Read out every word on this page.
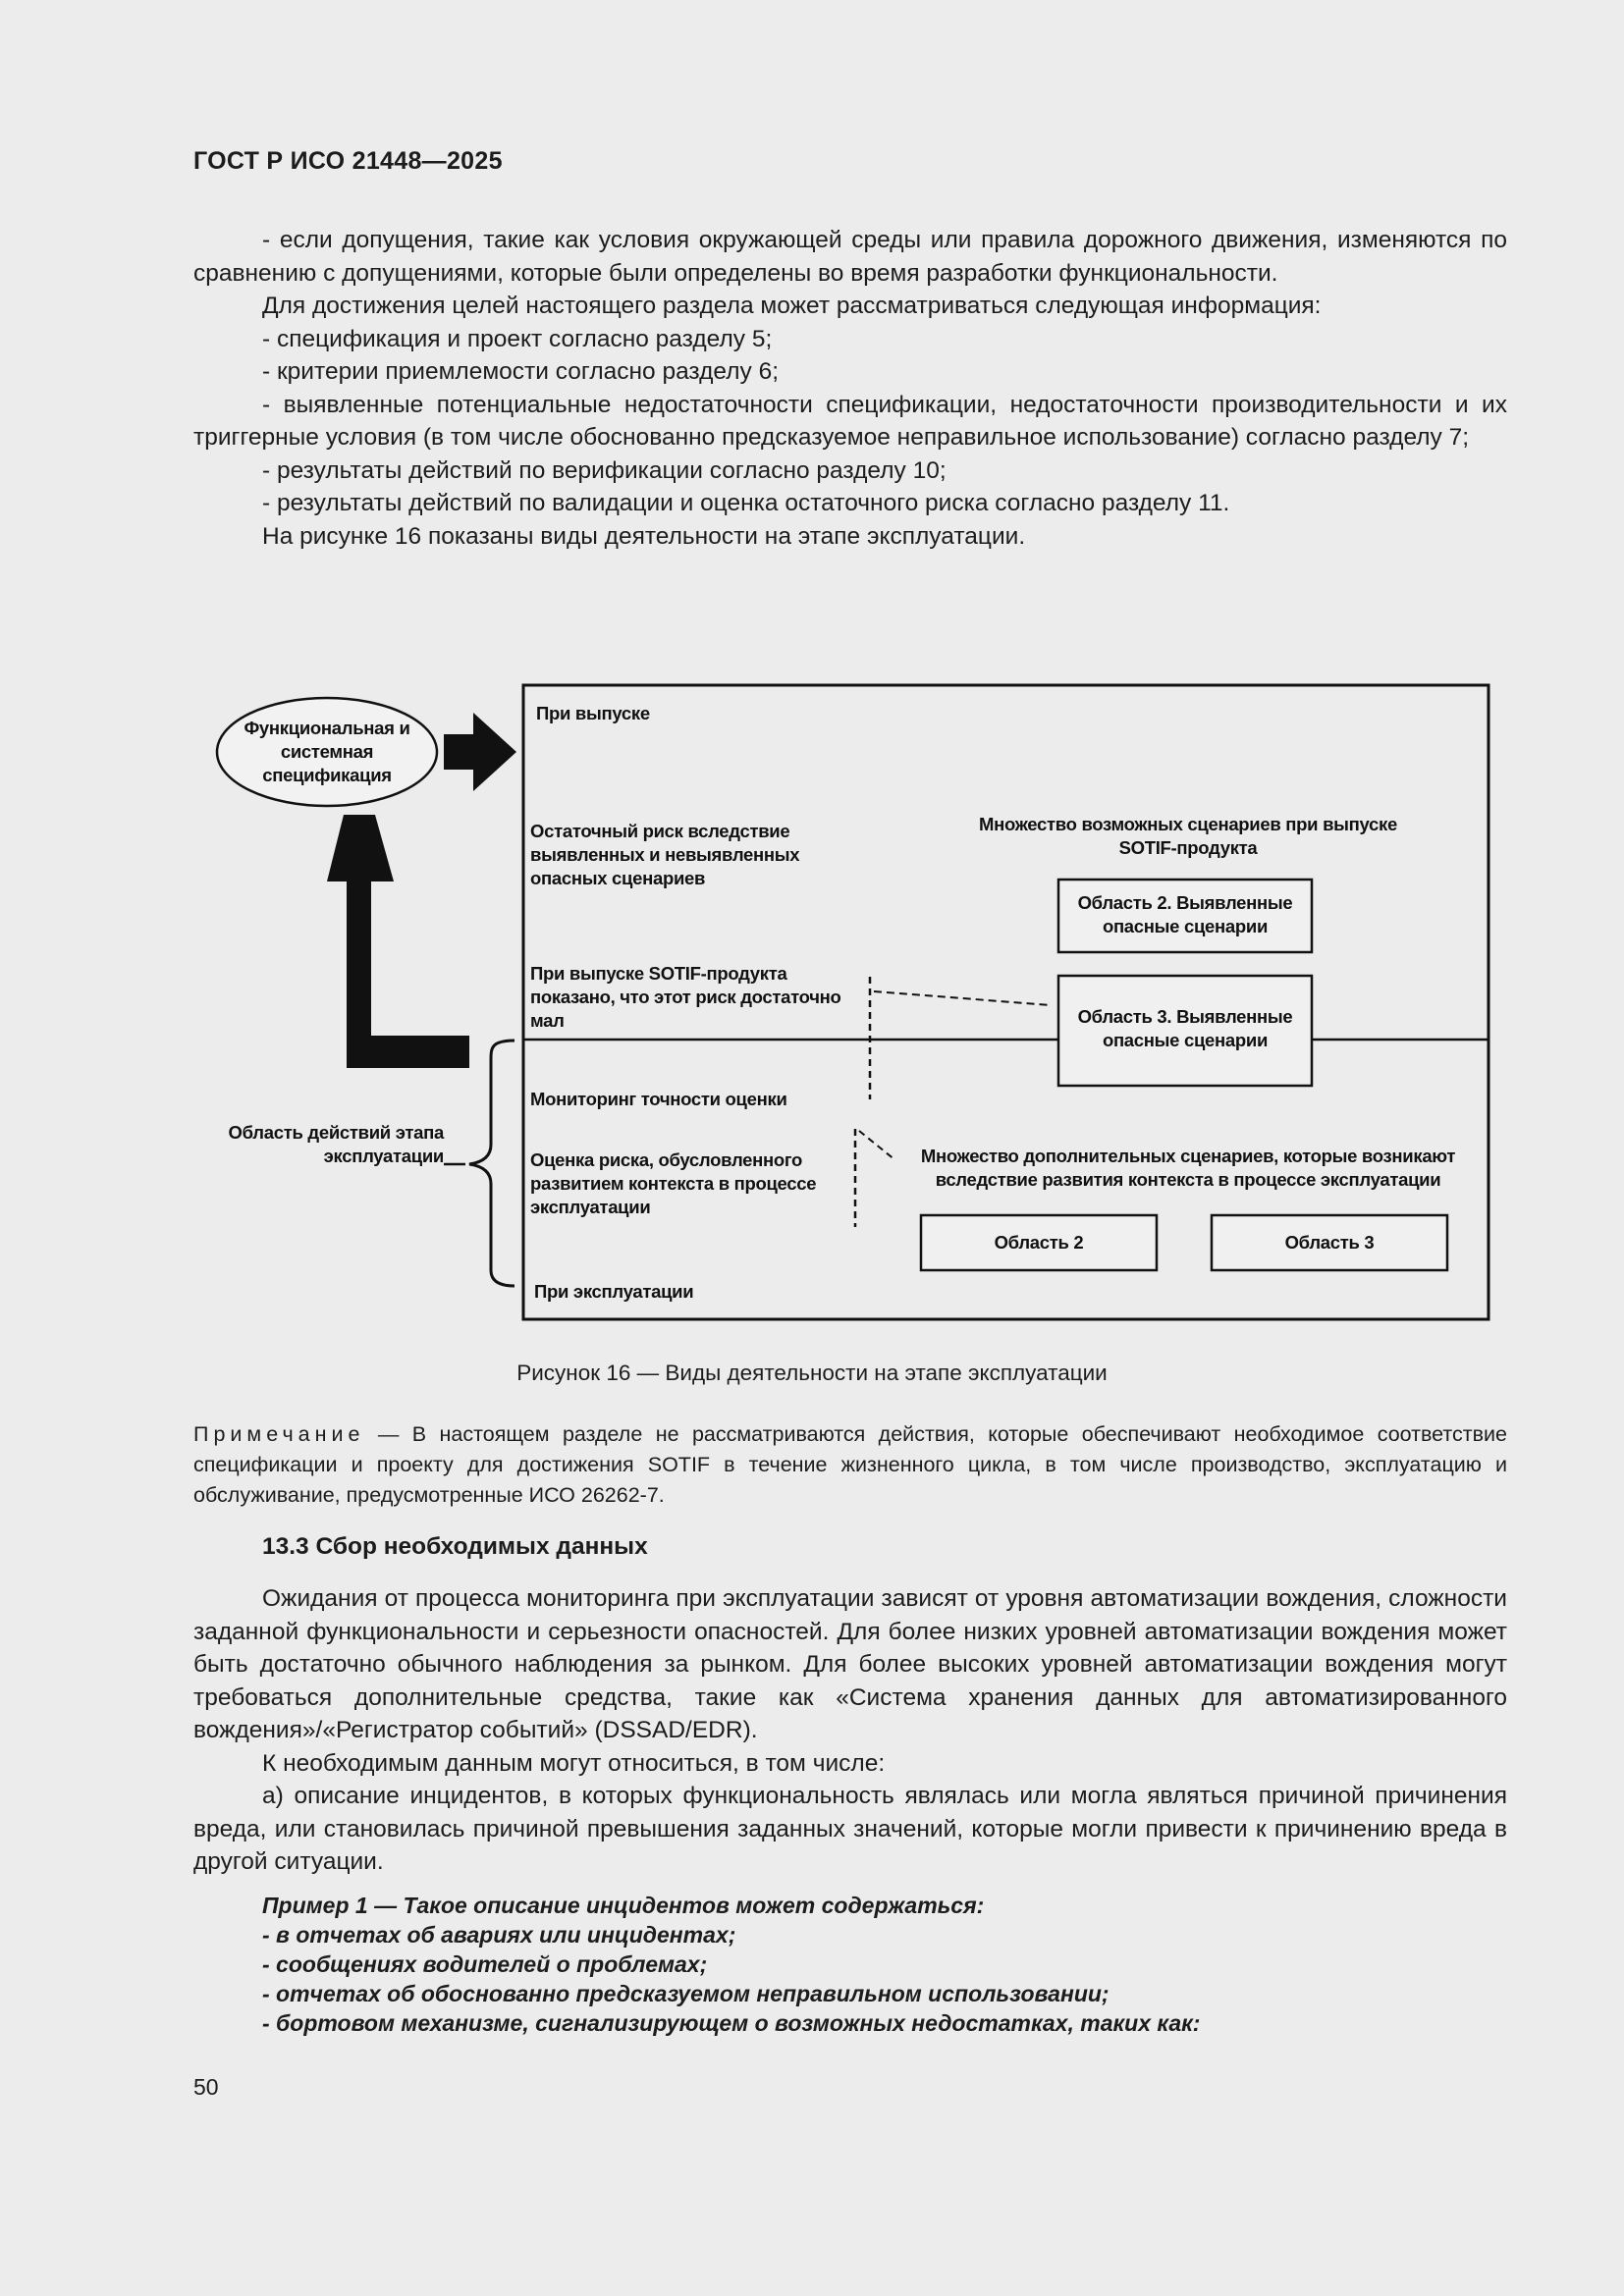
ГОСТ Р ИСО 21448—2025

- если допущения, такие как условия окружающей среды или правила дорожного движения, изменяются по сравнению с допущениями, которые были определены во время разработки функциональности.

Для достижения целей настоящего раздела может рассматриваться следующая информация:

- спецификация и проект согласно разделу 5;

- критерии приемлемости согласно разделу 6;

- выявленные потенциальные недостаточности спецификации, недостаточности производительности и их триггерные условия (в том числе обоснованно предсказуемое неправильное использование) согласно разделу 7;

- результаты действий по верификации согласно разделу 10;

- результаты действий по валидации и оценка остаточного риска согласно разделу 11.

На рисунке 16 показаны виды деятельности на этапе эксплуатации.

Функциональная и системная спецификация
При выпуске
Остаточный риск вследствие выявленных и невыявленных опасных сценариев
При выпуске SOTIF-продукта показано, что этот риск достаточно мал
Мониторинг точности оценки
Оценка риска, обусловленного развитием контекста в процессе эксплуатации
При эксплуатации
Область действий этапа эксплуатации
Множество возможных сценариев при выпуске SOTIF-продукта
Область 2. Выявленные опасные сценарии
Область 3. Выявленные опасные сценарии
Множество дополнительных сценариев, которые возникают вследствие развития контекста в процессе эксплуатации
Область 2	Область 3
Рисунок 16 — Виды деятельности на этапе эксплуатации
Примечание — В настоящем разделе не рассматриваются действия, которые обеспечивают необходимое соответствие спецификации и проекту для достижения SOTIF в течение жизненного цикла, в том числе производство, эксплуатацию и обслуживание, предусмотренные ИСО 26262-7.
13.3 Сбор необходимых данных

Ожидания от процесса мониторинга при эксплуатации зависят от уровня автоматизации вождения, сложности заданной функциональности и серьезности опасностей. Для более низких уровней автоматизации вождения может быть достаточно обычного наблюдения за рынком. Для более высоких уровней автоматизации вождения могут требоваться дополнительные средства, такие как «Система хранения данных для автоматизированного вождения»/«Регистратор событий» (DSSAD/EDR).

К необходимым данным могут относиться, в том числе:

a) описание инцидентов, в которых функциональность являлась или могла являться причиной причинения вреда, или становилась причиной превышения заданных значений, которые могли привести к причинению вреда в другой ситуации.

Пример 1 — Такое описание инцидентов может содержаться:

- в отчетах об авариях или инцидентах;

- сообщениях водителей о проблемах;

- отчетах об обоснованно предсказуемом неправильном использовании;

- бортовом механизме, сигнализирующем о возможных недостатках, таких как:

50
